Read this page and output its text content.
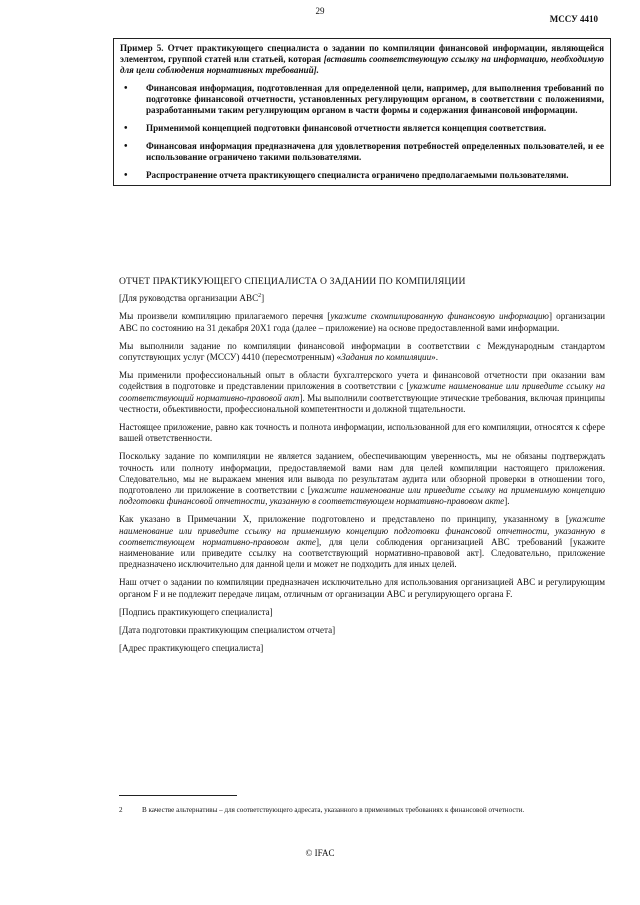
29
МССУ 4410

Пример 5. Отчет практикующего специалиста о задании по компиляции финансовой информации, являющейся элементом, группой статей или статьей, которая [вставить соответствующую ссылку на информацию, необходимую для цели соблюдения нормативных требований].

• Финансовая информация, подготовленная для определенной цели, например, для выполнения требований по подготовке финансовой отчетности, установленных регулирующим органом, в соответствии с положениями, разработанными таким регулирующим органом в части формы и содержания финансовой информации.
• Применимой концепцией подготовки финансовой отчетности является концепция соответствия.
• Финансовая информация предназначена для удовлетворения потребностей определенных пользователей, и ее использование ограничено такими пользователями.
• Распространение отчета практикующего специалиста ограничено предполагаемыми пользователями.
ОТЧЕТ ПРАКТИКУЮЩЕГО СПЕЦИАЛИСТА О ЗАДАНИИ ПО КОМПИЛЯЦИИ

[Для руководства организации АВС$^2$]

Мы произвели компиляцию прилагаемого перечня [укажите скомпилированную финансовую информацию] организации АВС по состоянию на 31 декабря 20Х1 года (далее – приложение) на основе предоставленной вами информации.

Мы выполнили задание по компиляции финансовой информации в соответствии с Международным стандартом сопутствующих услуг (МССУ) 4410 (пересмотренным) «Задания по компиляции».

Мы применили профессиональный опыт в области бухгалтерского учета и финансовой отчетности при оказании вам содействия в подготовке и представлении приложения в соответствии с [укажите наименование или приведите ссылку на соответствующий нормативно-правовой акт]. Мы выполнили соответствующие этические требования, включая принципы честности, объективности, профессиональной компетентности и должной тщательности.

Настоящее приложение, равно как точность и полнота информации, использованной для его компиляции, относятся к сфере вашей ответственности.

Поскольку задание по компиляции не является заданием, обеспечивающим уверенность, мы не обязаны подтверждать точность или полноту информации, предоставляемой вами нам для целей компиляции настоящего приложения. Следовательно, мы не выражаем мнения или вывода по результатам аудита или обзорной проверки в отношении того, подготовлено ли приложение в соответствии с [укажите наименование или приведите ссылку на применимую концепцию подготовки финансовой отчетности, указанную в соответствующем нормативно-правовом акте].

Как указано в Примечании X, приложение подготовлено и представлено по принципу, указанному в [укажите наименование или приведите ссылку на применимую концепцию подготовки финансовой отчетности, указанную в соответствующем нормативно-правовом акте], для цели соблюдения организацией АВС требований [укажите наименование или приведите ссылку на соответствующий нормативно-правовой акт]. Следовательно, приложение предназначено исключительно для данной цели и может не подходить для иных целей.

Наш отчет о задании по компиляции предназначен исключительно для использования организацией АВС и регулирующим органом F и не подлежит передаче лицам, отличным от организации АВС и регулирующего органа F.

[Подпись практикующего специалиста]

[Дата подготовки практикующим специалистом отчета]

[Адрес практикующего специалиста]

2	В качестве альтернативы – для соответствующего адресата, указанного в применимых требованиях к финансовой отчетности.
© IFAC
